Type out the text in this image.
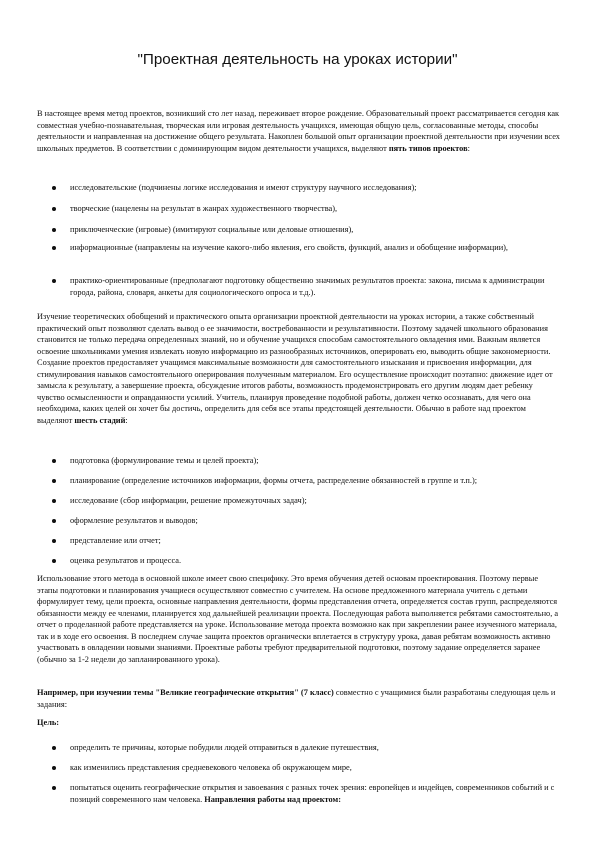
"Проектная деятельность на уроках истории"

В настоящее время метод проектов, возникший сто лет назад, переживает второе рождение. Образовательный проект рассматривается сегодня как совместная учебно-познавательная, творческая или игровая деятельность учащихся, имеющая общую цель, согласованные методы, способы деятельности и направленная на достижение общего результата. Накоплен большой опыт организации проектной деятельности при изучении всех школьных предметов. В соответствии с доминирующим видом деятельности учащихся, выделяют пять типов проектов:

исследовательские (подчинены логике исследования и имеют структуру научного исследования);
творческие (нацелены на результат в жанрах художественного творчества),
приключенческие (игровые) (имитируют социальные или деловые отношения),
информационные (направлены на изучение какого-либо явления, его свойств, функций, анализ и обобщение информации),
практико-ориентированные (предполагают подготовку общественно значимых результатов проекта: закона, письма к администрации города, района, словаря, анкеты для социологического опроса и т.д.).

Изучение теоретических обобщений и практического опыта организации проектной деятельности на уроках истории, а также собственный практический опыт позволяют сделать вывод о ее значимости, востребованности и результативности. Поэтому задачей школьного образования становится не только передача определенных знаний, но и обучение учащихся способам самостоятельного овладения ими. Важным является освоение школьниками умения извлекать новую информацию из разнообразных источников, оперировать ею, выводить общие закономерности. Создание проектов предоставляет учащимся максимальные возможности для самостоятельного изыскания и присвоения информации, для стимулирования навыков самостоятельного оперирования полученным материалом. Его осуществление происходит поэтапно: движение идет от замысла к результату, а завершение проекта, обсуждение итогов работы, возможность продемонстрировать его другим людям дает ребенку чувство осмысленности и оправданности усилий. Учитель, планируя проведение подобной работы, должен четко осознавать, для чего она необходима, каких целей он хочет бы достичь, определить для себя все этапы предстоящей деятельности. Обычно в работе над проектом выделяют шесть стадий:

подготовка (формулирование темы и целей проекта);
планирование (определение источников информации, формы отчета, распределение обязанностей в группе и т.п.);
исследование (сбор информации, решение промежуточных задач);
оформление результатов и выводов;
представление или отчет;
оценка результатов и процесса.

Использование этого метода в основной школе имеет свою специфику. Это время обучения детей основам проектирования. Поэтому первые этапы подготовки и планирования учащиеся осуществляют совместно с учителем. На основе предложенного материала учитель с детьми формулирует тему, цели проекта, основные направления деятельности, формы представления отчета, определяется состав групп, распределяются обязанности между ее членами, планируется ход дальнейшей реализации проекта. Последующая работа выполняется ребятами самостоятельно, а отчет о проделанной работе представляется на уроке. Использование метода проекта возможно как при закреплении ранее изученного материала, так и в ходе его освоения. В последнем случае защита проектов органически вплетается в структуру урока, давая ребятам возможность активно участвовать в овладении новыми знаниями. Проектные работы требуют предварительной подготовки, поэтому задание определяется заранее (обычно за 1-2 недели до запланированного урока).

Например, при изучении темы "Великие географические открытия" (7 класс) совместно с учащимися были разработаны следующая цель и задания:

Цель:

определить те причины, которые побудили людей отправиться в далекие путешествия,
как изменились представления средневекового человека об окружающем мире,
попытаться оценить географические открытия и завоевания с разных точек зрения: европейцев и индейцев, современников событий и с позиций современного нам человека. Направления работы над проектом:
